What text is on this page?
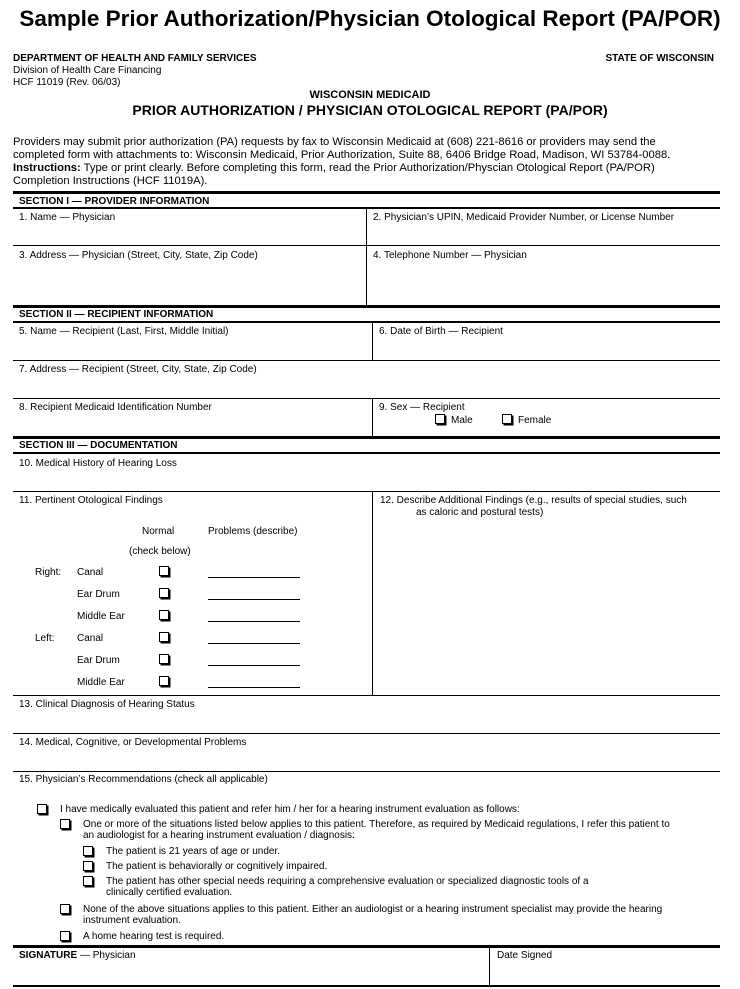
Sample Prior Authorization/Physician Otological Report (PA/POR)
DEPARTMENT OF HEALTH AND FAMILY SERVICES
Division of Health Care Financing
HCF 11019 (Rev. 06/03)
STATE OF WISCONSIN
WISCONSIN MEDICAID
PRIOR AUTHORIZATION / PHYSICIAN OTOLOGICAL REPORT (PA/POR)
Providers may submit prior authorization (PA) requests by fax to Wisconsin Medicaid at (608) 221-8616 or providers may send the
completed form with attachments to: Wisconsin Medicaid, Prior Authorization, Suite 88, 6406 Bridge Road, Madison, WI 53784-0088.
Instructions: Type or print clearly. Before completing this form, read the Prior Authorization/Physcian Otological Report (PA/POR)
Completion Instructions (HCF 11019A).
SECTION I — PROVIDER INFORMATION
1. Name — Physician	2. Physician’s UPIN, Medicaid Provider Number, or License Number
3. Address — Physician (Street, City, State, Zip Code)	4. Telephone Number — Physician
SECTION II — RECIPIENT INFORMATION
5. Name — Recipient (Last, First, Middle Initial)	6. Date of Birth — Recipient
7. Address — Recipient (Street, City, State, Zip Code)
8. Recipient Medicaid Identification Number	9. Sex — Recipient
Male	Female
SECTION III — DOCUMENTATION
10. Medical History of Hearing Loss
11. Pertinent Otological Findings	12. Describe Additional Findings (e.g., results of special studies, such
as caloric and postural tests)
Normal
(check below)
Problems (describe)
Right: Canal
Ear Drum
Middle Ear
Left: Canal
Ear Drum
Middle Ear
13. Clinical Diagnosis of Hearing Status
14. Medical, Cognitive, or Developmental Problems
15. Physician’s Recommendations (check all applicable)
I have medically evaluated this patient and refer him / her for a hearing instrument evaluation as follows:
One or more of the situations listed below applies to this patient. Therefore, as required by Medicaid regulations, I refer this patient to
an audiologist for a hearing instrument evaluation / diagnosis:
The patient is 21 years of age or under.
The patient is behaviorally or cognitively impaired.
The patient has other special needs requiring a comprehensive evaluation or specialized diagnostic tools of a
clinically certified evaluation.
None of the above situations applies to this patient. Either an audiologist or a hearing instrument specialist may provide the hearing
instrument evaluation.
A home hearing test is required.
SIGNATURE — Physician	Date Signed
